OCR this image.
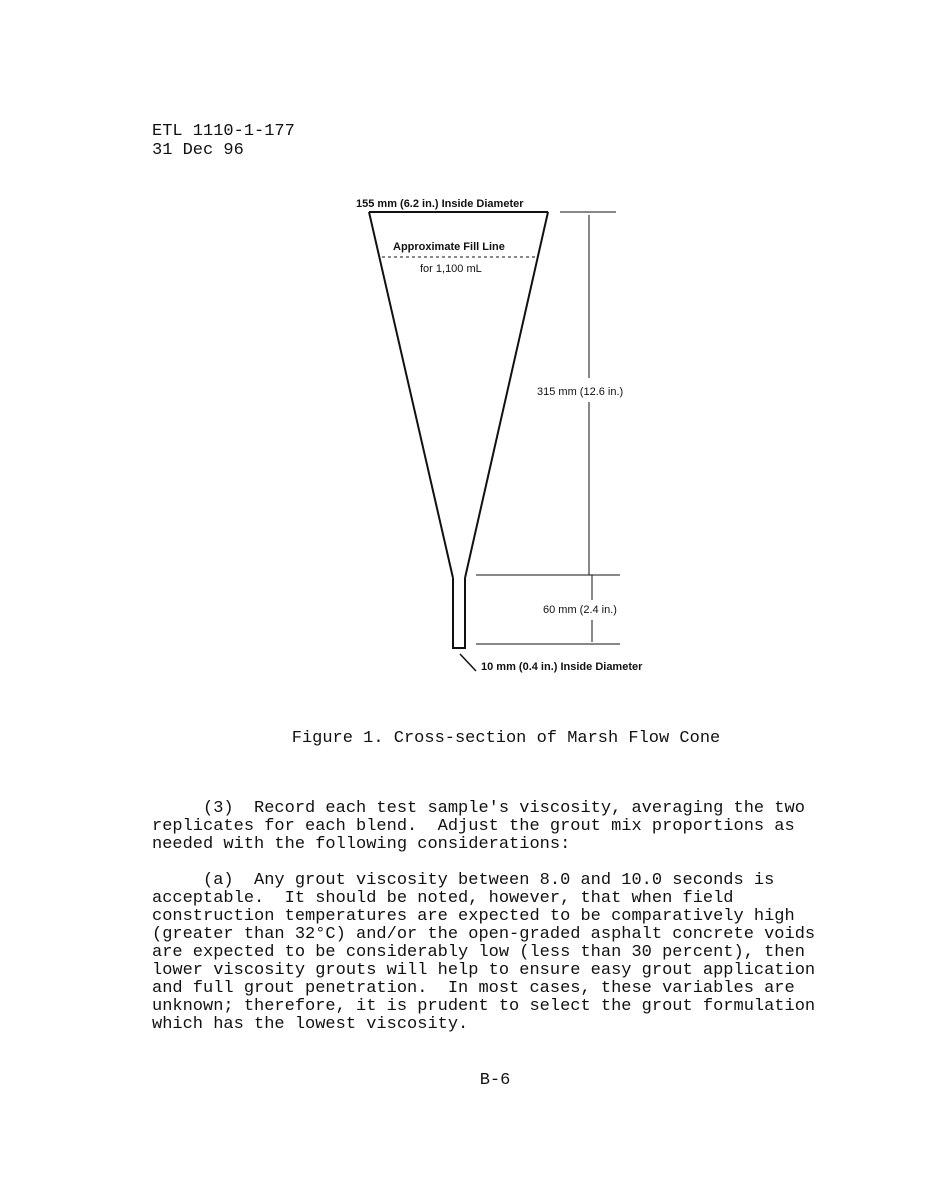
ETL 1110-1-177
31 Dec 96
155 mm (6.2 in.) Inside Diameter
Approximate Fill Line
for 1,100 mL
315 mm (12.6 in.)
60 mm (2.4 in.)
10 mm (0.4 in.) Inside Diameter
Figure 1. Cross-section of Marsh Flow Cone

(3)  Record each test sample's viscosity, averaging the two
replicates for each blend.  Adjust the grout mix proportions as
needed with the following considerations:

(a)  Any grout viscosity between 8.0 and 10.0 seconds is
acceptable.  It should be noted, however, that when field
construction temperatures are expected to be comparatively high
(greater than 32°C) and/or the open-graded asphalt concrete voids
are expected to be considerably low (less than 30 percent), then
lower viscosity grouts will help to ensure easy grout application
and full grout penetration.  In most cases, these variables are
unknown; therefore, it is prudent to select the grout formulation
which has the lowest viscosity.

B-6
